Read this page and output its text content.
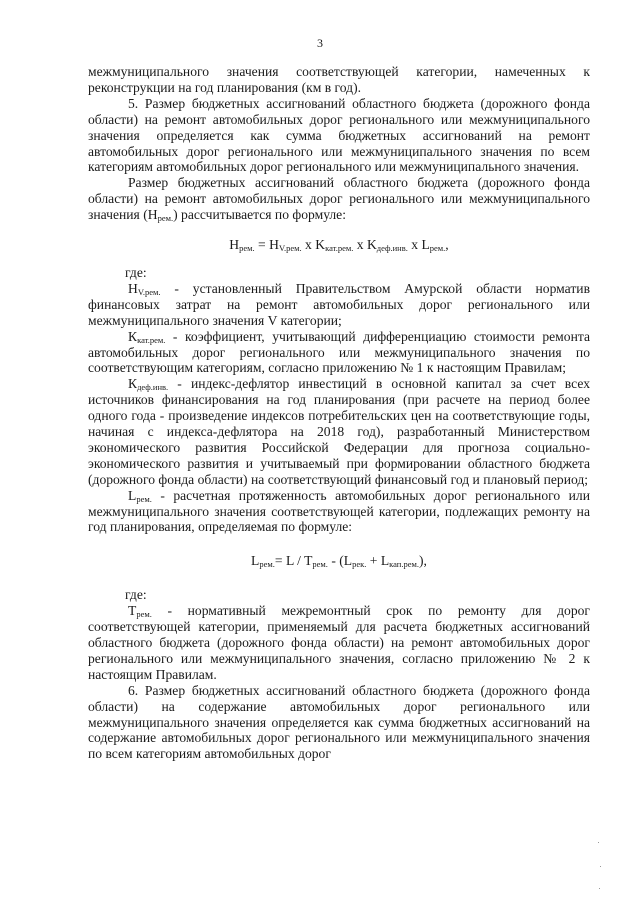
3

межмуниципального значения соответствующей категории, намеченных к реконструкции на год планирования (км в год).

5. Размер бюджетных ассигнований областного бюджета (дорожного фонда области) на ремонт автомобильных дорог регионального или межмуниципального значения определяется как сумма бюджетных ассигнований на ремонт автомобильных дорог регионального или межмуниципального значения по всем категориям автомобильных дорог регионального или межмуниципального значения.

Размер бюджетных ассигнований областного бюджета (дорожного фонда области) на ремонт автомобильных дорог регионального или межмуниципального значения $(Н_{рем.})$ рассчитывается по формуле:

$Н_{рем.} = Н_{V.рем.}$ x $K_{кат.рем.}$ x $K_{деф.инв.}$ x $L_{рем.}$,

где:

$Н_{V.рем.}$ - установленный Правительством Амурской области норматив финансовых затрат на ремонт автомобильных дорог регионального или межмуниципального значения V категории;

$К_{кат.рем.}$ - коэффициент, учитывающий дифференциацию стоимости ремонта автомобильных дорог регионального или межмуниципального значения по соответствующим категориям, согласно приложению № 1 к настоящим Правилам;

$К_{деф.инв.}$ - индекс-дефлятор инвестиций в основной капитал за счет всех источников финансирования на год планирования (при расчете на период более одного года - произведение индексов потребительских цен на соответствующие годы, начиная с индекса-дефлятора на 2018 год), разработанный Министерством экономического развития Российской Федерации для прогноза социально-экономического развития и учитываемый при формировании областного бюджета (дорожного фонда области) на соответствующий финансовый год и плановый период;

$L_{рем.}$ - расчетная протяженность автомобильных дорог регионального или межмуниципального значения соответствующей категории, подлежащих ремонту на год планирования, определяемая по формуле:

$L_{рем.}= L / T_{рем.} - (L_{рек.} + L_{кап.рем.})$,

где:

$Т_{рем.}$ - нормативный межремонтный срок по ремонту для дорог соответствующей категории, применяемый для расчета бюджетных ассигнований областного бюджета (дорожного фонда области) на ремонт автомобильных дорог регионального или межмуниципального значения, согласно приложению № 2 к настоящим Правилам.

6. Размер бюджетных ассигнований областного бюджета (дорожного фонда области) на содержание автомобильных дорог регионального или межмуниципального значения определяется как сумма бюджетных ассигнований на содержание автомобильных дорог регионального или межмуниципального значения по всем категориям автомобильных дорог
